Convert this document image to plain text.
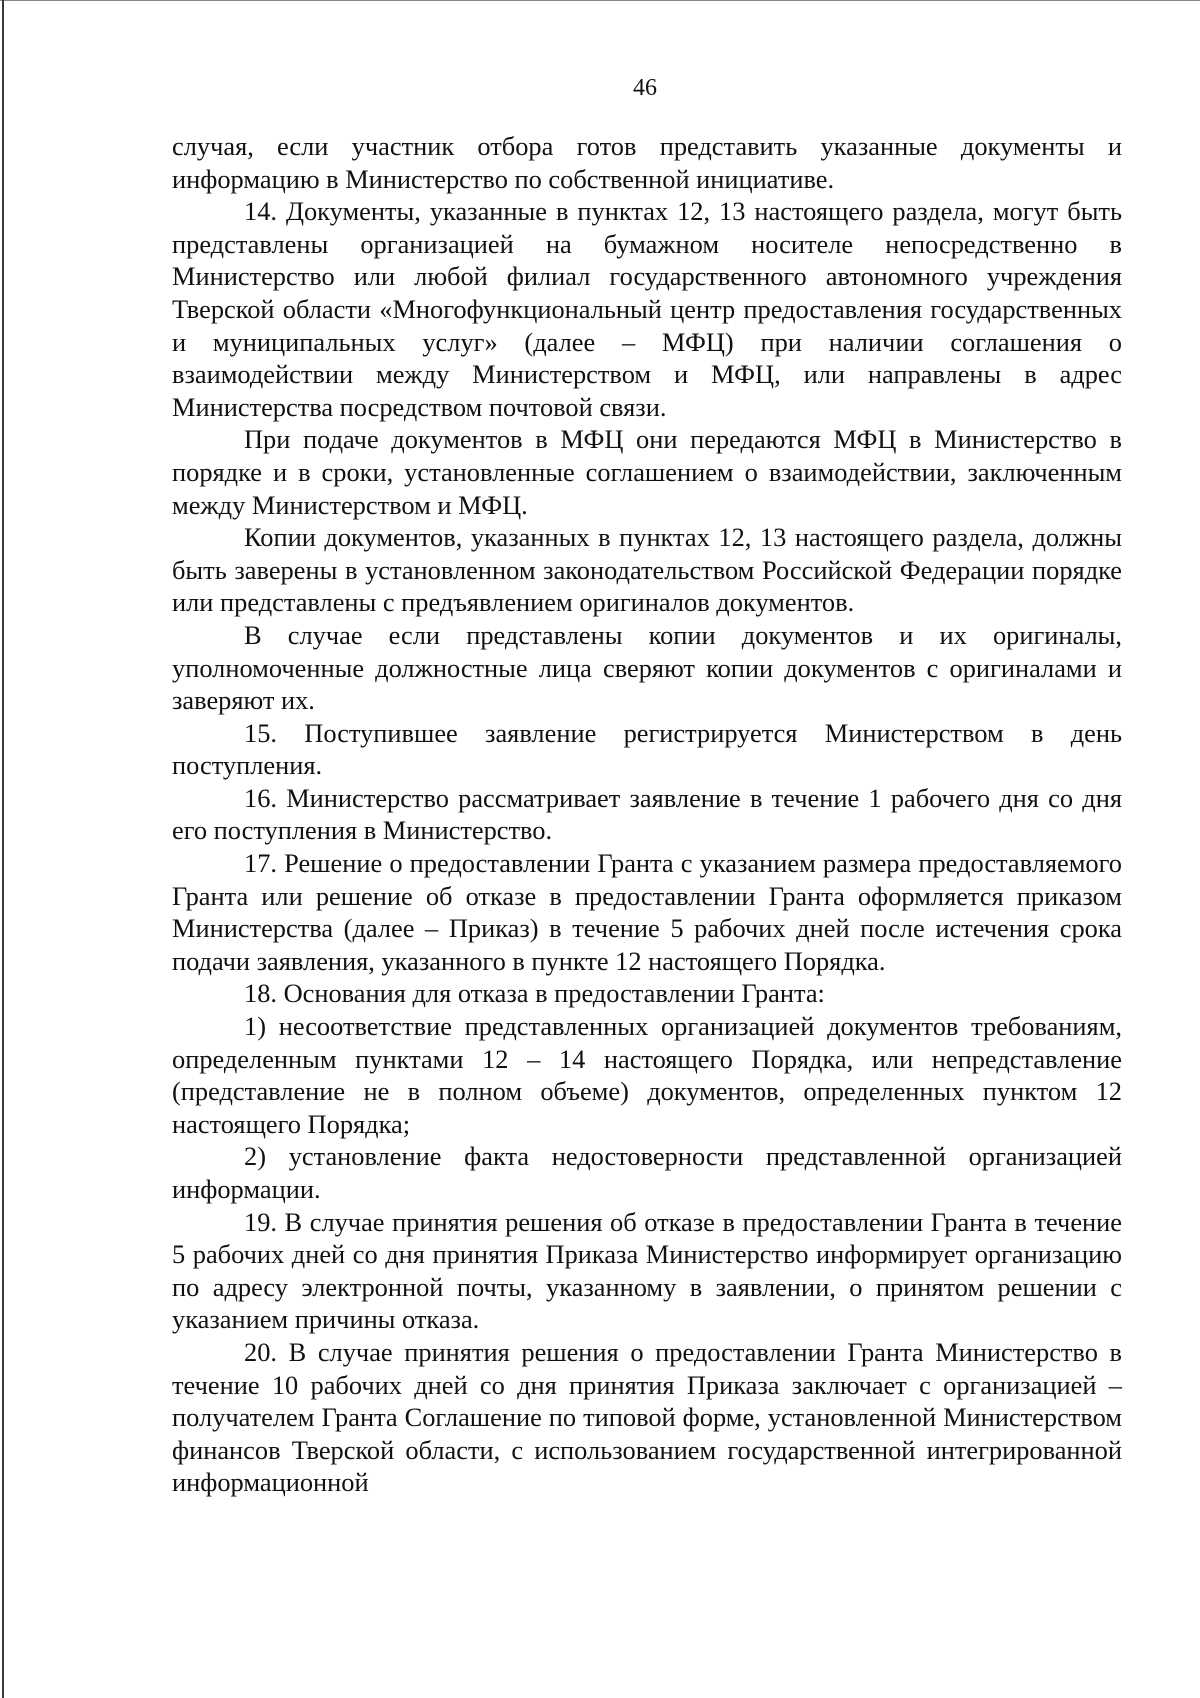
46

случая, если участник отбора готов представить указанные документы и информацию в Министерство по собственной инициативе.

14. Документы, указанные в пунктах 12, 13 настоящего раздела, могут быть представлены организацией на бумажном носителе непосредственно в Министерство или любой филиал государственного автономного учреждения Тверской области «Многофункциональный центр предоставления государственных и муниципальных услуг» (далее – МФЦ) при наличии соглашения о взаимодействии между Министерством и МФЦ, или направлены в адрес Министерства посредством почтовой связи.

При подаче документов в МФЦ они передаются МФЦ в Министерство в порядке и в сроки, установленные соглашением о взаимодействии, заключенным между Министерством и МФЦ.

Копии документов, указанных в пунктах 12, 13 настоящего раздела, должны быть заверены в установленном законодательством Российской Федерации порядке или представлены с предъявлением оригиналов документов.

В случае если представлены копии документов и их оригиналы, уполномоченные должностные лица сверяют копии документов с оригиналами и заверяют их.

15. Поступившее заявление регистрируется Министерством в день поступления.

16. Министерство рассматривает заявление в течение 1 рабочего дня со дня его поступления в Министерство.

17. Решение о предоставлении Гранта с указанием размера предоставляемого Гранта или решение об отказе в предоставлении Гранта оформляется приказом Министерства (далее – Приказ) в течение 5 рабочих дней после истечения срока подачи заявления, указанного в пункте 12 настоящего Порядка.

18. Основания для отказа в предоставлении Гранта:

1) несоответствие представленных организацией документов требованиям, определенным пунктами 12 – 14 настоящего Порядка, или непредставление (представление не в полном объеме) документов, определенных пунктом 12 настоящего Порядка;

2) установление факта недостоверности представленной организацией информации.

19. В случае принятия решения об отказе в предоставлении Гранта в течение 5 рабочих дней со дня принятия Приказа Министерство информирует организацию по адресу электронной почты, указанному в заявлении, о принятом решении с указанием причины отказа.

20. В случае принятия решения о предоставлении Гранта Министерство в течение 10 рабочих дней со дня принятия Приказа заключает с организацией – получателем Гранта Соглашение по типовой форме, установленной Министерством финансов Тверской области, с использованием государственной интегрированной информационной
